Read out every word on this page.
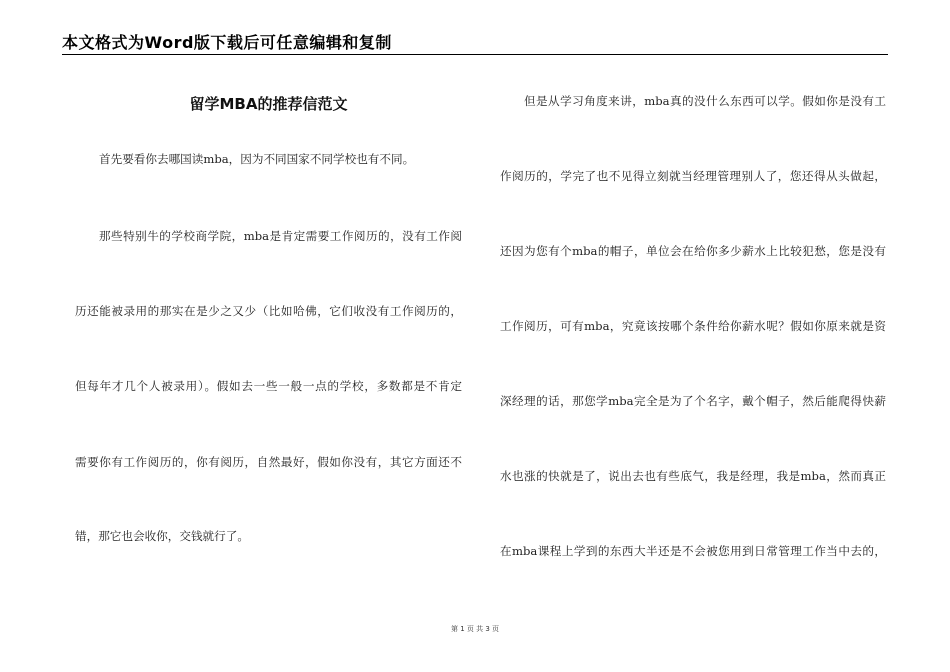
本文格式为Word版下载后可任意编辑和复制
留学MBA的推荐信范文
首先要看你去哪国读mba，因为不同国家不同学校也有不同。
那些特别牛的学校商学院，mba是肯定需要工作阅历的，没有工作阅
历还能被录用的那实在是少之又少（比如哈佛，它们收没有工作阅历的，
但每年才几个人被录用）。假如去一些一般一点的学校，多数都是不肯定
需要你有工作阅历的，你有阅历，自然最好，假如你没有，其它方面还不
错，那它也会收你，交钱就行了。
但是从学习角度来讲，mba真的没什么东西可以学。假如你是没有工
作阅历的，学完了也不见得立刻就当经理管理别人了，您还得从头做起，
还因为您有个mba的帽子，单位会在给你多少薪水上比较犯愁，您是没有
工作阅历，可有mba，究竟该按哪个条件给你薪水呢？假如你原来就是资
深经理的话，那您学mba完全是为了个名字，戴个帽子，然后能爬得快薪
水也涨的快就是了，说出去也有些底气，我是经理，我是mba，然而真正
在mba课程上学到的东西大半还是不会被您用到日常管理工作当中去的，
第 1 页 共 3 页
